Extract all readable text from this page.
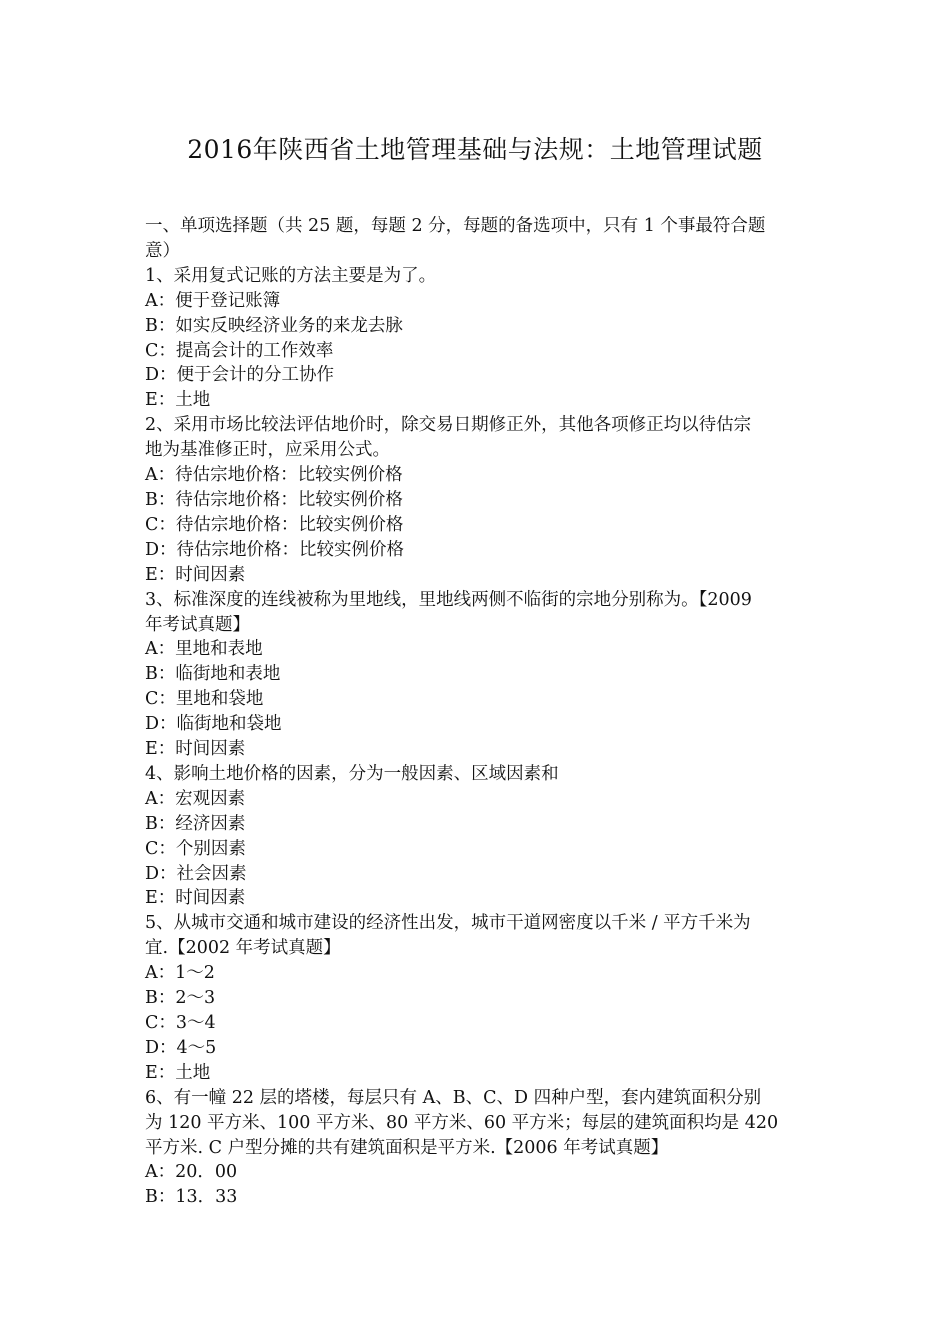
2016年陕西省土地管理基础与法规：土地管理试题
一、单项选择题（共 25 题，每题 2 分，每题的备选项中，只有 1 个事最符合题
意）
1、采用复式记账的方法主要是为了。
A：便于登记账簿
B：如实反映经济业务的来龙去脉
C：提高会计的工作效率
D：便于会计的分工协作
E：土地
2、采用市场比较法评估地价时，除交易日期修正外，其他各项修正均以待估宗
地为基准修正时，应采用公式。
A：待估宗地价格：比较实例价格
B：待估宗地价格：比较实例价格
C：待估宗地价格：比较实例价格
D：待估宗地价格：比较实例价格
E：时间因素
3、标准深度的连线被称为里地线，里地线两侧不临街的宗地分别称为。【2009
年考试真题】
A：里地和表地
B：临街地和表地
C：里地和袋地
D：临街地和袋地
E：时间因素
4、影响土地价格的因素，分为一般因素、区域因素和
A：宏观因素
B：经济因素
C：个别因素
D：社会因素
E：时间因素
5、从城市交通和城市建设的经济性出发，城市干道网密度以千米 / 平方千米为
宜.【2002 年考试真题】
A：1～2
B：2～3
C：3～4
D：4～5
E：土地
6、有一幢 22 层的塔楼，每层只有 A、B、C、D 四种户型，套内建筑面积分别
为 120 平方米、100 平方米、80 平方米、60 平方米；每层的建筑面积均是 420
平方米. C 户型分摊的共有建筑面积是平方米.【2006 年考试真题】
A：20．00
B：13．33
